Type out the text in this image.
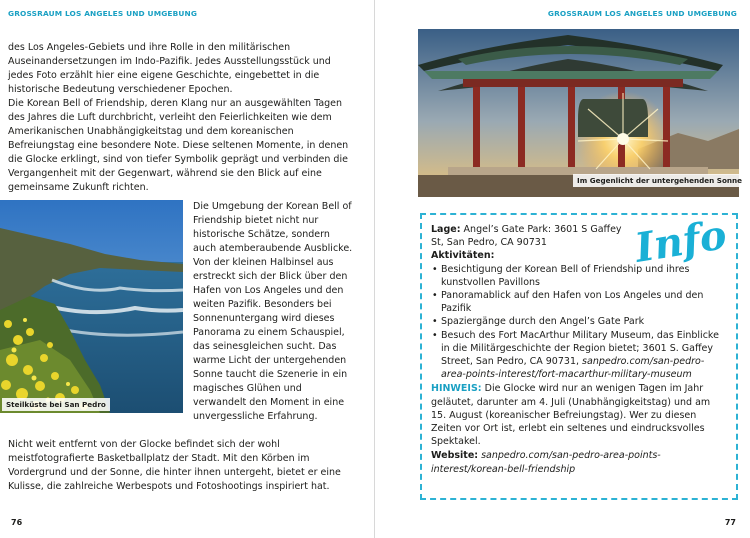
GROSSRAUM LOS ANGELES UND UMGEBUNG

des Los Angeles-Gebiets und ihre Rolle in den militärischen Auseinandersetzungen im Indo-Pazifik. Jedes Ausstellungsstück und jedes Foto erzählt hier eine eigene Geschichte, eingebettet in die historische Bedeutung verschiedener Epochen.

Die Korean Bell of Friendship, deren Klang nur an ausgewählten Tagen des Jahres die Luft durchbricht, verleiht den Feierlichkeiten wie dem Amerikanischen Unabhängigkeitstag und dem koreanischen Befreiungstag eine besondere Note. Diese seltenen Momente, in denen die Glocke erklingt, sind von tiefer Symbolik geprägt und verbinden die Vergangenheit mit der Gegenwart, während sie den Blick auf eine gemeinsame Zukunft richten.

Steilküste bei San Pedro

Die Umgebung der Korean Bell of Friendship bietet nicht nur historische Schätze, sondern auch atemberaubende Ausblicke. Von der kleinen Halbinsel aus erstreckt sich der Blick über den Hafen von Los Angeles und den weiten Pazifik. Besonders bei Sonnenuntergang wird dieses Panorama zu einem Schauspiel, das seinesgleichen sucht. Das warme Licht der untergehenden Sonne taucht die Szenerie in ein magisches Glühen und verwandelt den Moment in eine unvergessliche Erfahrung.

Nicht weit entfernt von der Glocke befindet sich der wohl meistfotografierte Basketballplatz der Stadt. Mit den Körben im Vordergrund und der Sonne, die hinter ihnen untergeht, bietet er eine Kulisse, die zahlreiche Werbespots und Fotoshootings inspiriert hat.

76
GROSSRAUM LOS ANGELES UND UMGEBUNG
Im Gegenlicht der untergehenden Sonne
Info
Lage: Angel’s Gate Park: 3601 S Gaffey St, San Pedro, CA 90731
Aktivitäten:
• Besichtigung der Korean Bell of Friendship und ihres kunstvollen Pavillons
• Panoramablick auf den Hafen von Los Angeles und den Pazifik
• Spaziergänge durch den Angel’s Gate Park
• Besuch des Fort MacArthur Military Museum, das Einblicke in die Militärgeschichte der Region bietet; 3601 S. Gaffey Street, San Pedro, CA 90731, sanpedro.com/san-pedro-area-points-interest/fort-macarthur-military-museum
HINWEIS: Die Glocke wird nur an wenigen Tagen im Jahr geläutet, darunter am 4. Juli (Unabhängigkeitstag) und am 15. August (koreanischer Befreiungstag). Wer zu diesen Zeiten vor Ort ist, erlebt ein seltenes und eindrucksvolles Spektakel.
Website: sanpedro.com/san-pedro-area-points-interest/korean-bell-friendship
77
